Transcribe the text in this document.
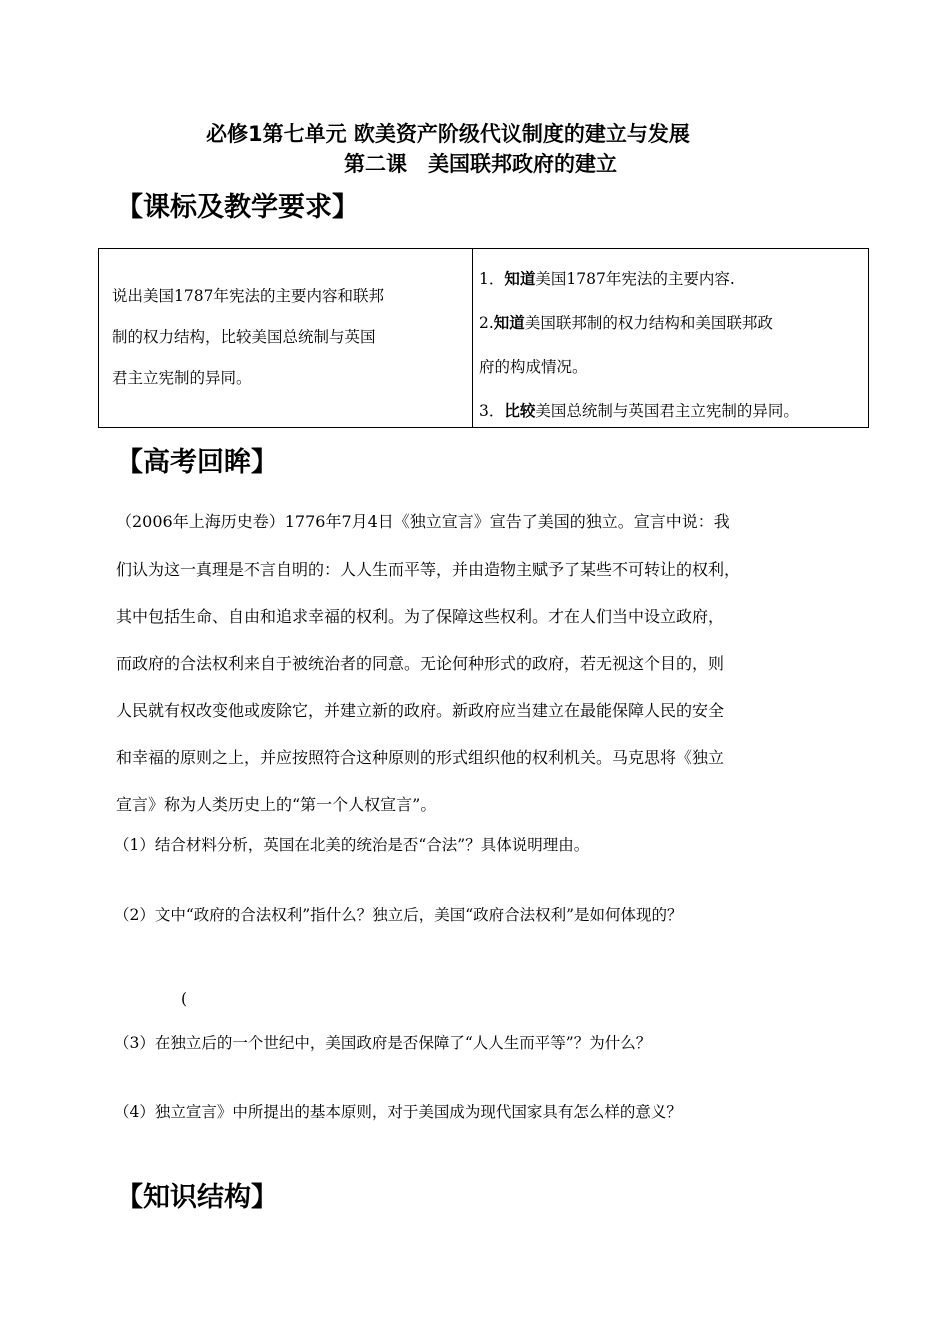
必修1第七单元 欧美资产阶级代议制度的建立与发展
第二课　美国联邦政府的建立
【课标及教学要求】
说出美国1787年宪法的主要内容和联邦
制的权力结构，比较美国总统制与英国
君主立宪制的异同。
1．知道美国1787年宪法的主要内容.
2.知道美国联邦制的权力结构和美国联邦政
府的构成情况。
3．比较美国总统制与英国君主立宪制的异同。
【高考回眸】
（2006年上海历史卷）1776年7月4日《独立宣言》宣告了美国的独立。宣言中说：我
们认为这一真理是不言自明的：人人生而平等，并由造物主赋予了某些不可转让的权利，
其中包括生命、自由和追求幸福的权利。为了保障这些权利。才在人们当中设立政府，
而政府的合法权利来自于被统治者的同意。无论何种形式的政府，若无视这个目的，则
人民就有权改变他或废除它，并建立新的政府。新政府应当建立在最能保障人民的安全
和幸福的原则之上，并应按照符合这种原则的形式组织他的权利机关。马克思将《独立
宣言》称为人类历史上的“第一个人权宣言”。
（1）结合材料分析，英国在北美的统治是否“合法”？具体说明理由。
（2）文中“政府的合法权利”指什么？独立后，美国“政府合法权利”是如何体现的？
(
（3）在独立后的一个世纪中，美国政府是否保障了“人人生而平等”？为什么？
（4）独立宣言》中所提出的基本原则，对于美国成为现代国家具有怎么样的意义？
【知识结构】
